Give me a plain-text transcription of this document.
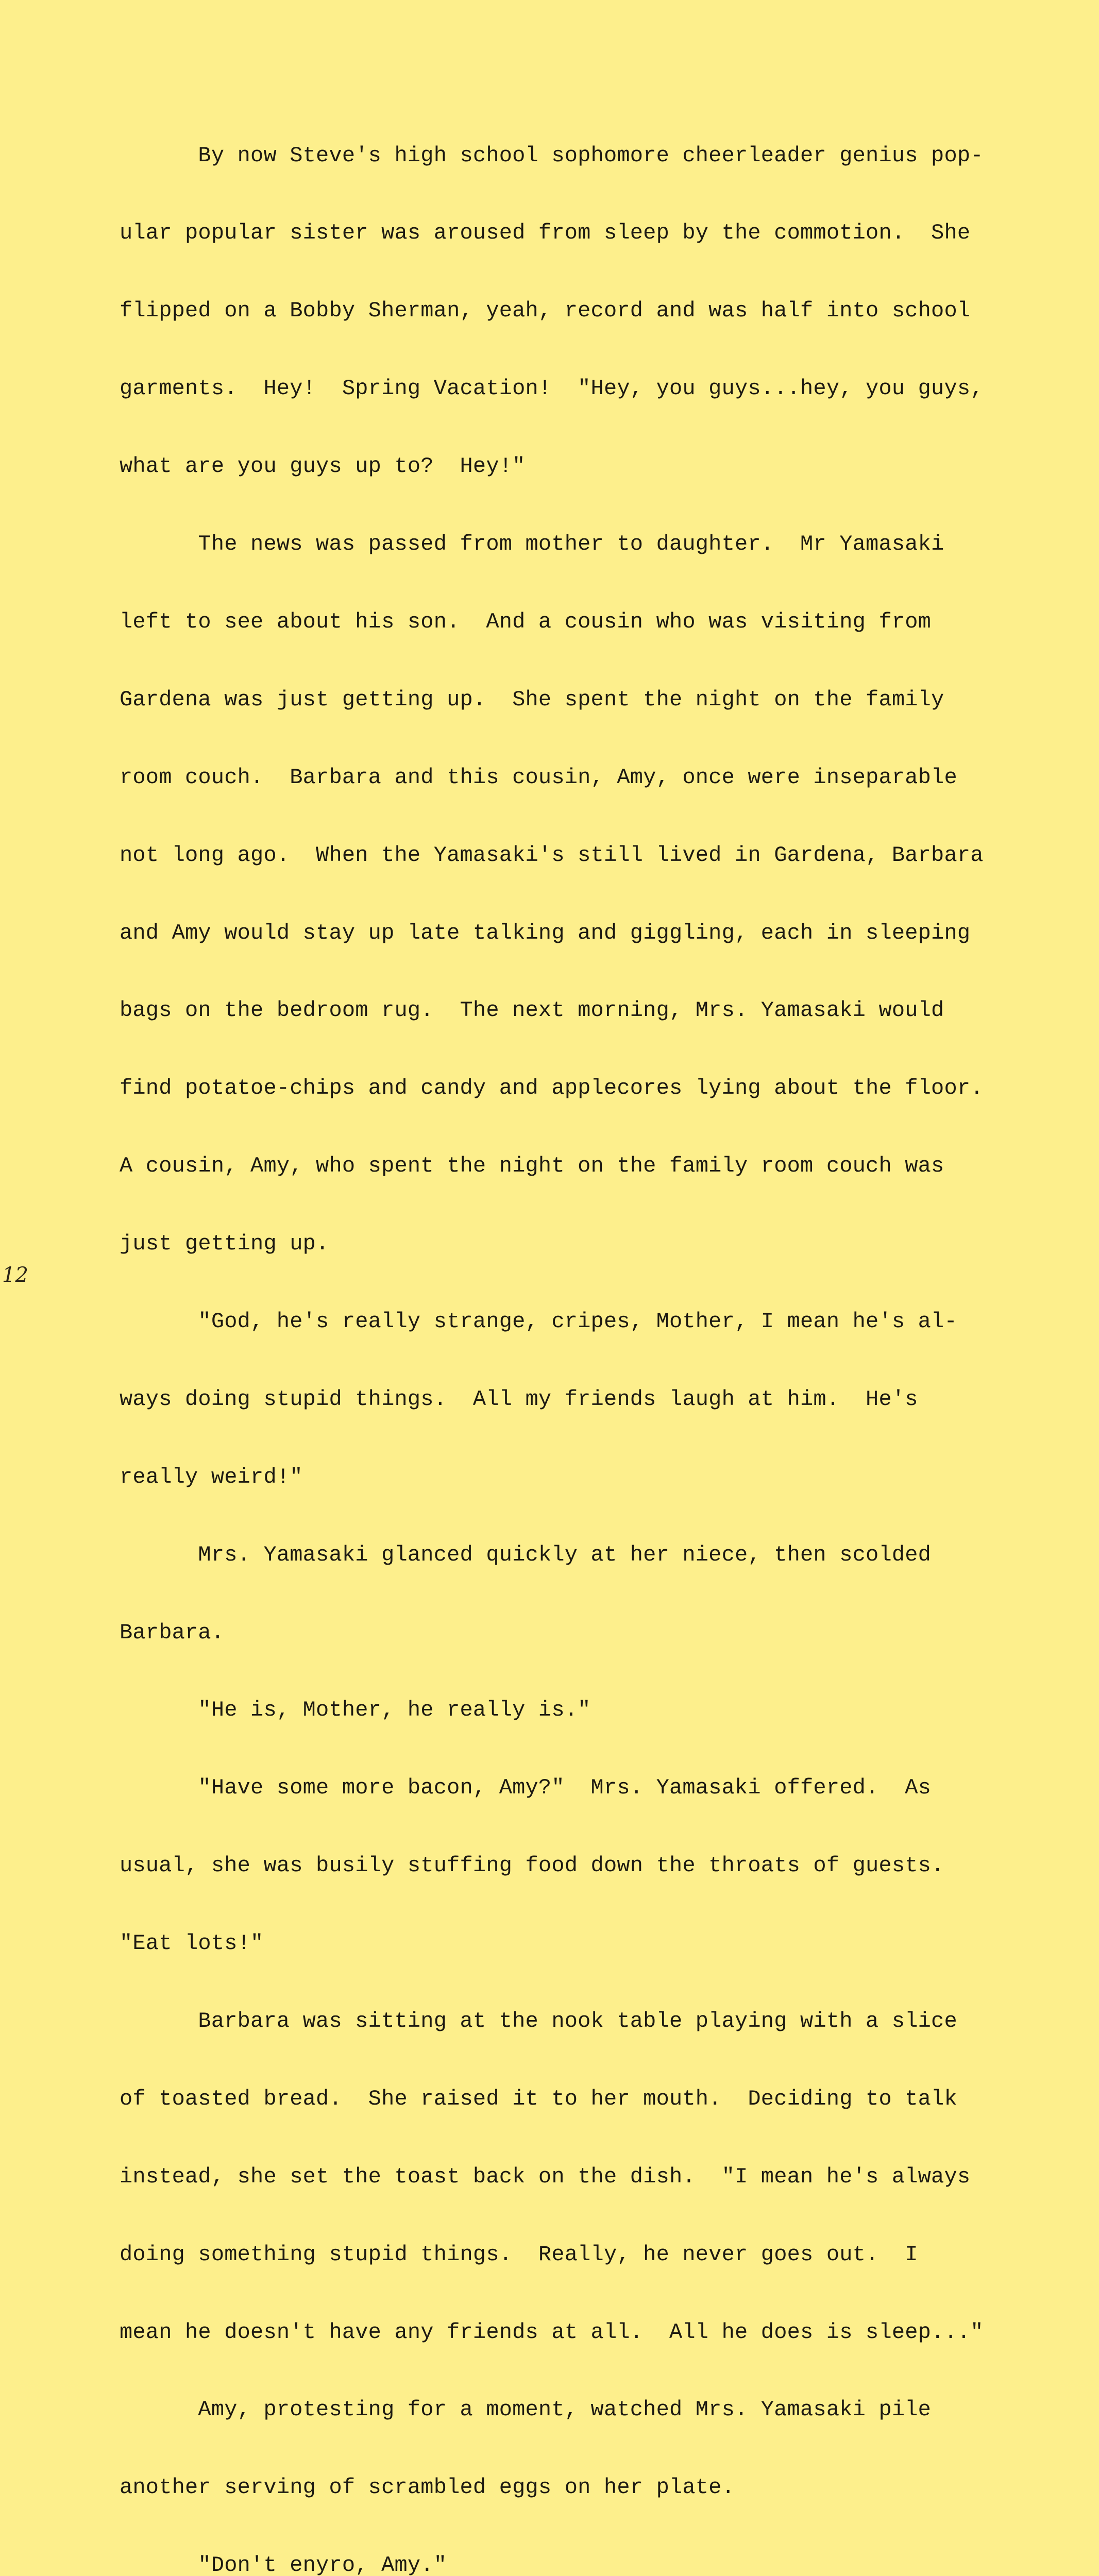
By now Steve's high school sophomore cheerleader genius pop-

ular popular sister was aroused from sleep by the commotion.  She

flipped on a Bobby Sherman, yeah, record and was half into school

garments.  Hey!  Spring Vacation!  "Hey, you guys...hey, you guys,

what are you guys up to?  Hey!"

The news was passed from mother to daughter.  Mr Yamasaki

left to see about his son.  And a cousin who was visiting from

Gardena was just getting up.  She spent the night on the family

room couch.  Barbara and this cousin, Amy, once were inseparable

not long ago.  When the Yamasaki's still lived in Gardena, Barbara

and Amy would stay up late talking and giggling, each in sleeping

bags on the bedroom rug.  The next morning, Mrs. Yamasaki would

find potatoe-chips and candy and applecores lying about the floor.

A cousin, Amy, who spent the night on the family room couch was

just getting up.

"God, he's really strange, cripes, Mother, I mean he's al-

ways doing stupid things.  All my friends laugh at him.  He's

really weird!"

Mrs. Yamasaki glanced quickly at her niece, then scolded

Barbara.

"He is, Mother, he really is."

"Have some more bacon, Amy?"  Mrs. Yamasaki offered.  As

usual, she was busily stuffing food down the throats of guests.

"Eat lots!"

Barbara was sitting at the nook table playing with a slice

of toasted bread.  She raised it to her mouth.  Deciding to talk

instead, she set the toast back on the dish.  "I mean he's always

doing something stupid things.  Really, he never goes out.  I

mean he doesn't have any friends at all.  All he does is sleep..."

Amy, protesting for a moment, watched Mrs. Yamasaki pile

another serving of scrambled eggs on her plate.

"Don't enyro, Amy."

12
